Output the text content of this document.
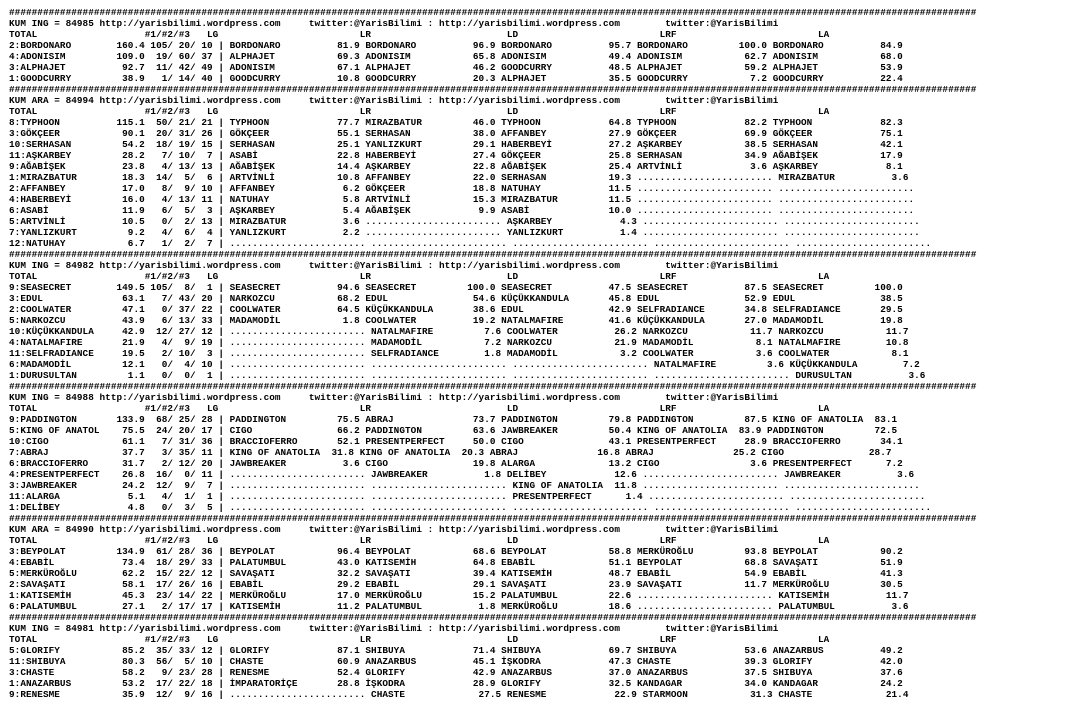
###########################################################################################################################################################################
KUM ING = 84985 http://yarisbilimi.wordpress.com     twitter:@YarisBilimi : http://yarisbilimi.wordpress.com        twitter:@YarisBilimi
TOTAL                   #1/#2/#3   LG                         LR                        LD                         LRF                         LA
2:BORDONARO        160.4 105/ 20/ 10 | BORDONARO          81.9 BORDONARO          96.9 BORDONARO          95.7 BORDONARO         100.0 BORDONARO          84.9
4:ADONISIM         109.0  19/ 60/ 37 | ALPHAJET           69.3 ADONISIM           65.8 ADONISIM           49.4 ADONISIM           62.7 ADONISIM           68.0
3:ALPHAJET          92.7  11/ 42/ 49 | ADONISIM           67.1 ALPHAJET           46.2 GOODCURRY          48.5 ALPHAJET           59.2 ALPHAJET           53.9
1:GOODCURRY         38.9   1/ 14/ 40 | GOODCURRY          10.8 GOODCURRY          20.3 ALPHAJET           35.5 GOODCURRY           7.2 GOODCURRY          22.4
###########################################################################################################################################################################
KUM ARA = 84994 http://yarisbilimi.wordpress.com     twitter:@YarisBilimi : http://yarisbilimi.wordpress.com        twitter:@YarisBilimi
TOTAL                   #1/#2/#3   LG                         LR                        LD                         LRF                         LA
8:TYPHOON          115.1  50/ 21/ 21 | TYPHOON            77.7 MIRAZBATUR         46.0 TYPHOON            64.8 TYPHOON            82.2 TYPHOON            82.3
3:GÖKÇEER           90.1  20/ 31/ 26 | GÖKÇEER            55.1 SERHASAN           38.0 AFFANBEY           27.9 GÖKÇEER            69.9 GÖKÇEER            75.1
10:SERHASAN         54.2  18/ 19/ 15 | SERHASAN           25.1 YANLIZKURT         29.1 HABERBEYİ          27.2 AŞKARBEY           38.5 SERHASAN           42.1
11:AŞKARBEY         28.2   7/ 10/  7 | ASABİ              22.8 HABERBEYİ          27.4 GÖKÇEER            25.8 SERHASAN           34.9 AĞABİŞEK           17.9
9:AĞABİŞEK          23.8   4/ 13/ 13 | AĞABİŞEK           14.4 AŞKARBEY           22.8 AĞABİŞEK           25.4 ARTVİNLİ            3.6 AŞKARBEY            8.1
1:MIRAZBATUR        18.3  14/  5/  6 | ARTVİNLİ           10.8 AFFANBEY           22.0 SERHASAN           19.3 ........................ MIRAZBATUR          3.6
2:AFFANBEY          17.0   8/  9/ 10 | AFFANBEY            6.2 GÖKÇEER            18.8 NATUHAY            11.5 ........................ ........................
4:HABERBEYİ         16.0   4/ 13/ 11 | NATUHAY             5.8 ARTVİNLİ           15.3 MIRAZBATUR         11.5 ........................ ........................
6:ASABİ             11.9   6/  5/  3 | AŞKARBEY            5.4 AĞABİŞEK            9.9 ASABİ              10.0 ........................ ........................
5:ARTVİNLİ          10.5   0/  2/ 13 | MIRAZBATUR          3.6 ........................ AŞKARBEY            4.3 ........................ ........................
7:YANLIZKURT         9.2   4/  6/  4 | YANLIZKURT          2.2 ........................ YANLIZKURT          1.4 ........................ ........................
12:NATUHAY           6.7   1/  2/  7 | ........................ ........................ ........................ ........................ ........................
###########################################################################################################################################################################
KUM ING = 84982 http://yarisbilimi.wordpress.com     twitter:@YarisBilimi : http://yarisbilimi.wordpress.com        twitter:@YarisBilimi
TOTAL                   #1/#2/#3   LG                         LR                        LD                         LRF                         LA
9:SEASECRET        149.5 105/  8/  1 | SEASECRET          94.6 SEASECRET         100.0 SEASECRET          47.5 SEASECRET          87.5 SEASECRET         100.0
3:EDUL              63.1   7/ 43/ 20 | NARKOZCU           68.2 EDUL               54.6 KÜÇÜKKANDULA       45.8 EDUL               52.9 EDUL               38.5
2:COOLWATER         47.1   0/ 37/ 22 | COOLWATER          64.5 KÜÇÜKKANDULA       38.6 EDUL               42.9 SELFRADIANCE       34.8 SELFRADIANCE       29.5
5:NARKOZCU          43.9   6/ 13/ 33 | MADAMODİL           1.8 COOLWATER          19.2 NATALMAFIRE        41.6 KÜÇÜKKANDULA       27.0 MADAMODİL          19.8
10:KÜÇÜKKANDULA     42.9  12/ 27/ 12 | ........................ NATALMAFIRE         7.6 COOLWATER          26.2 NARKOZCU           11.7 NARKOZCU           11.7
4:NATALMAFIRE       21.9   4/  9/ 19 | ........................ MADAMODİL           7.2 NARKOZCU           21.9 MADAMODİL           8.1 NATALMAFIRE        10.8
11:SELFRADIANCE     19.5   2/ 10/  3 | ........................ SELFRADIANCE        1.8 MADAMODİL           3.2 COOLWATER           3.6 COOLWATER           8.1
6:MADAMODİL         12.1   0/  4/ 10 | ........................ ........................ ........................ NATALMAFIRE         3.6 KÜÇÜKKANDULA        7.2
1:DURUSULTAN         1.1   0/  0/  1 | ........................ ........................ ........................ ........................ DURUSULTAN          3.6
###########################################################################################################################################################################
KUM ING = 84988 http://yarisbilimi.wordpress.com     twitter:@YarisBilimi : http://yarisbilimi.wordpress.com        twitter:@YarisBilimi
TOTAL                   #1/#2/#3   LG                         LR                        LD                         LRF                         LA
9:PADDINGTON       133.9  68/ 25/ 28 | PADDINGTON         75.5 ABRAJ              73.7 PADDINGTON         79.8 PADDINGTON         87.5 KING OF ANATOLIA  83.1
5:KING OF ANATOL    75.5  24/ 20/ 17 | CIGO               66.2 PADDINGTON         63.6 JAWBREAKER         50.4 KING OF ANATOLIA  83.9 PADDINGTON         72.5
10:CIGO             61.1   7/ 31/ 36 | BRACCIOFERRO       52.1 PRESENTPERFECT     50.0 CIGO               43.1 PRESENTPERFECT     28.9 BRACCIOFERRO       34.1
7:ABRAJ             37.7   3/ 35/ 11 | KING OF ANATOLIA  31.8 KING OF ANATOLIA  20.3 ABRAJ              16.8 ABRAJ              25.2 CIGO               28.7
6:BRACCIOFERRO      31.7   2/ 12/ 20 | JAWBREAKER          3.6 CIGO               19.8 ALARGA             13.2 CIGO                3.6 PRESENTPERFECT      7.2
4:PRESENTPERFECT    26.8  16/  0/ 11 | ........................ JAWBREAKER          1.8 DELİBEY            12.6 ........................ JAWBREAKER          3.6
3:JAWBREAKER        24.2  12/  9/  7 | ........................ ........................ KING OF ANATOLIA  11.8 ........................ ........................
11:ALARGA            5.1   4/  1/  1 | ........................ ........................ PRESENTPERFECT      1.4 ........................ ........................
1:DELİBEY            4.8   0/  3/  5 | ........................ ........................ ........................ ........................ ........................
###########################################################################################################################################################################
KUM ARA = 84990 http://yarisbilimi.wordpress.com     twitter:@YarisBilimi : http://yarisbilimi.wordpress.com        twitter:@YarisBilimi
TOTAL                   #1/#2/#3   LG                         LR                        LD                         LRF                         LA
3:BEYPOLAT         134.9  61/ 28/ 36 | BEYPOLAT           96.4 BEYPOLAT           68.6 BEYPOLAT           58.8 MERKÜROĞLU         93.8 BEYPOLAT           90.2
4:EBABİL            73.4  18/ 29/ 33 | PALATUMBUL         43.0 KATISEMİH          64.8 EBABİL             51.1 BEYPOLAT           68.8 SAVAŞATI           51.9
5:MERKÜROĞLU        62.2  15/ 22/ 12 | SAVAŞATI           32.2 SAVAŞATI           39.4 KATISEMİH          48.7 EBABİL             54.9 EBABİL             41.3
2:SAVAŞATI          58.1  17/ 26/ 16 | EBABİL             29.2 EBABİL             29.1 SAVAŞATI           23.9 SAVAŞATI           11.7 MERKÜROĞLU         30.5
1:KATISEMİH         45.3  23/ 14/ 22 | MERKÜROĞLU         17.0 MERKÜROĞLU         15.2 PALATUMBUL         22.6 ........................ KATISEMİH          11.7
6:PALATUMBUL        27.1   2/ 17/ 17 | KATISEMİH          11.2 PALATUMBUL          1.8 MERKÜROĞLU         18.6 ........................ PALATUMBUL          3.6
###########################################################################################################################################################################
KUM ING = 84981 http://yarisbilimi.wordpress.com     twitter:@YarisBilimi : http://yarisbilimi.wordpress.com        twitter:@YarisBilimi
TOTAL                   #1/#2/#3   LG                         LR                        LD                         LRF                         LA
5:GLORIFY           85.2  35/ 33/ 12 | GLORIFY            87.1 SHIBUYA            71.4 SHIBUYA            69.7 SHIBUYA            53.6 ANAZARBUS          49.2
11:SHIBUYA          80.3  56/  5/ 10 | CHASTE             60.9 ANAZARBUS          45.1 İŞKODRA            47.3 CHASTE             39.3 GLORIFY            42.0
3:CHASTE            58.2   9/ 23/ 28 | RENESME            52.4 GLORIFY            42.9 ANAZARBUS          37.0 ANAZARBUS          37.5 SHIBUYA            37.6
1:ANAZARBUS         53.2  17/ 22/ 18 | İMPARATORİÇE       28.8 İŞKODRA            28.9 GLORIFY            32.5 KANDAGAR           34.0 KANDAGAR           24.2
9:RENESME           35.9  12/  9/ 16 | ........................ CHASTE             27.5 RENESME            22.9 STARMOON           31.3 CHASTE             21.4
